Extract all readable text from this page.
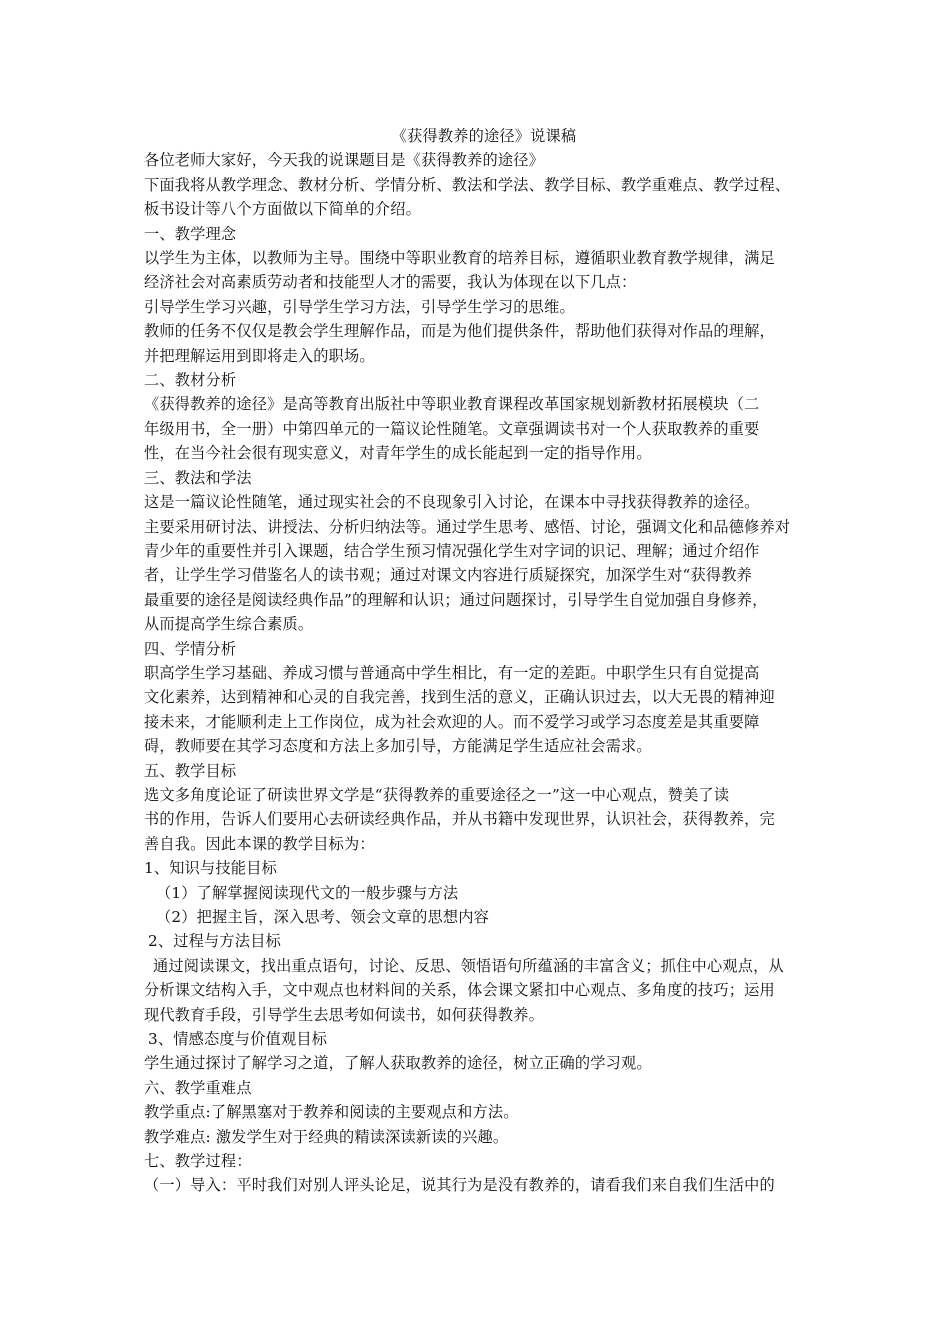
《获得教养的途径》说课稿

各位老师大家好，今天我的说课题目是《获得教养的途径》

下面我将从教学理念、教材分析、学情分析、教法和学法、教学目标、教学重难点、教学过程、

板书设计等八个方面做以下简单的介绍。

一、教学理念

以学生为主体，以教师为主导。围绕中等职业教育的培养目标，遵循职业教育教学规律，满足

经济社会对高素质劳动者和技能型人才的需要，我认为体现在以下几点：

引导学生学习兴趣，引导学生学习方法，引导学生学习的思维。

教师的任务不仅仅是教会学生理解作品，而是为他们提供条件，帮助他们获得对作品的理解，

并把理解运用到即将走入的职场。

二、教材分析

《获得教养的途径》是高等教育出版社中等职业教育课程改革国家规划新教材拓展模块（二

年级用书，全一册）中第四单元的一篇议论性随笔。文章强调读书对一个人获取教养的重要

性，在当今社会很有现实意义，对青年学生的成长能起到一定的指导作用。

三、教法和学法

这是一篇议论性随笔，通过现实社会的不良现象引入讨论，在课本中寻找获得教养的途径。

主要采用研讨法、讲授法、分析归纳法等。通过学生思考、感悟、讨论，强调文化和品德修养对

青少年的重要性并引入课题，结合学生预习情况强化学生对字词的识记、理解；通过介绍作

者，让学生学习借鉴名人的读书观；通过对课文内容进行质疑探究，加深学生对“获得教养

最重要的途径是阅读经典作品”的理解和认识；通过问题探讨，引导学生自觉加强自身修养，

从而提高学生综合素质。

四、学情分析

职高学生学习基础、养成习惯与普通高中学生相比，有一定的差距。中职学生只有自觉提高

文化素养，达到精神和心灵的自我完善，找到生活的意义，正确认识过去，以大无畏的精神迎

接未来，才能顺利走上工作岗位，成为社会欢迎的人。而不爱学习或学习态度差是其重要障

碍，教师要在其学习态度和方法上多加引导，方能满足学生适应社会需求。

五、教学目标

选文多角度论证了研读世界文学是“获得教养的重要途径之一”这一中心观点，赞美了读

书的作用，告诉人们要用心去研读经典作品，并从书籍中发现世界，认识社会，获得教养，完

善自我。因此本课的教学目标为：

1、知识与技能目标

（1）了解掌握阅读现代文的一般步骤与方法

（2）把握主旨，深入思考、领会文章的思想内容

2、过程与方法目标

通过阅读课文，找出重点语句，讨论、反思、领悟语句所蕴涵的丰富含义；抓住中心观点，从

分析课文结构入手，文中观点也材料间的关系，体会课文紧扣中心观点、多角度的技巧；运用

现代教育手段，引导学生去思考如何读书，如何获得教养。

3、情感态度与价值观目标

学生通过探讨了解学习之道，了解人获取教养的途径，树立正确的学习观。

六、教学重难点

教学重点:了解黑塞对于教养和阅读的主要观点和方法。

教学难点: 激发学生对于经典的精读深读新读的兴趣。

七、教学过程：

（一）导入：平时我们对别人评头论足，说其行为是没有教养的，请看我们来自我们生活中的
